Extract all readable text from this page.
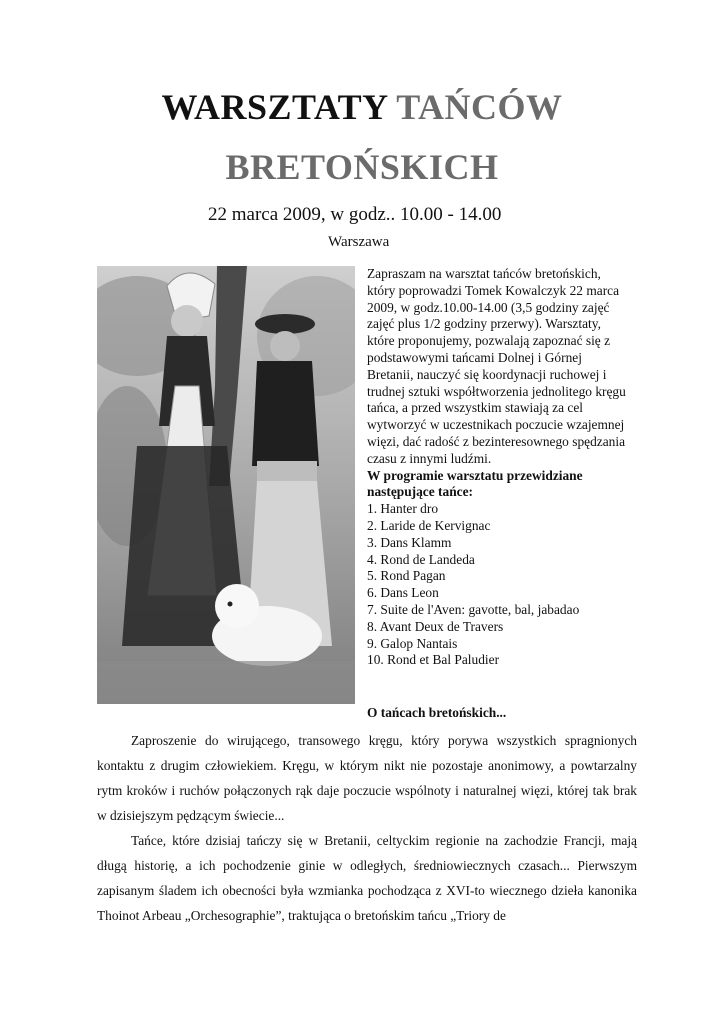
WARSZTATY TAŃCÓW
BRETOŃSKICH
22 marca 2009, w godz.. 10.00 - 14.00
Warszawa

Zapraszam na warsztat tańców bretońskich, który poprowadzi Tomek Kowalczyk 22 marca 2009, w godz.10.00-14.00 (3,5 godziny zajęć zajęć plus 1/2 godziny przerwy). Warsztaty, które proponujemy, pozwalają zapoznać się z podstawowymi tańcami Dolnej i Górnej Bretanii, nauczyć się koordynacji ruchowej i trudnej sztuki współtworzenia jednolitego kręgu tańca, a przed wszystkim stawiają za cel wytworzyć w uczestnikach poczucie wzajemnej więzi, dać radość z bezinteresownego spędzania czasu z innymi ludźmi.

W programie warsztatu przewidziane następujące tańce:

1. Hanter dro
2. Laride de Kervignac
3. Dans Klamm
4. Rond de Landeda
5. Rond Pagan
6. Dans Leon
7. Suite de l'Aven: gavotte, bal, jabadao
8. Avant Deux de Travers
9. Galop Nantais
10. Rond et Bal Paludier
O tańcach bretońskich...

Zaproszenie do wirującego, transowego kręgu, który porywa wszystkich spragnionych kontaktu z drugim człowiekiem. Kręgu, w którym nikt nie pozostaje anonimowy, a powtarzalny rytm kroków i ruchów połączonych rąk daje poczucie wspólnoty i naturalnej więzi, której tak brak w dzisiejszym pędzącym świecie...

Tańce, które dzisiaj tańczy się w Bretanii, celtyckim regionie na zachodzie Francji, mają długą historię, a ich pochodzenie ginie w odległych, średniowiecznych czasach... Pierwszym zapisanym śladem ich obecności była wzmianka pochodząca z XVI-to wiecznego dzieła kanonika Thoinot Arbeau „Orchesographie”, traktująca o bretońskim tańcu „Triory de
